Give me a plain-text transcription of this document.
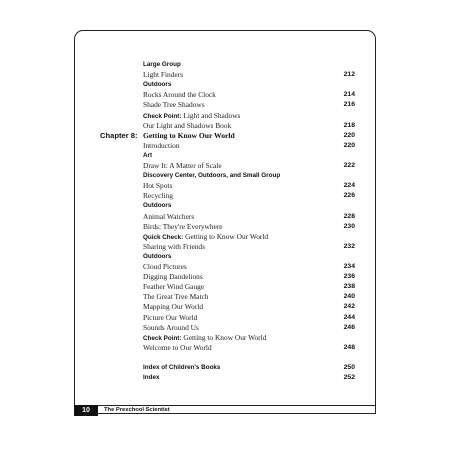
Large Group
Light Finders	212
Outdoors
Rocks Around the Clock	214
Shade Tree Shadows	216
Check Point: Light and Shadows
Our Light and Shadows Book	218
Chapter 8: Getting to Know Our World	220
Introduction	220
Art
Draw It: A Matter of Scale	222
Discovery Center, Outdoors, and Small Group
Hot Spots	224
Recycling	226
Outdoors
Animal Watchers	228
Birds: They're Everywhere	230
Quick Check: Getting to Know Our World
Sharing with Friends	232
Outdoors
Cloud Pictures	234
Digging Dandelions	236
Feather Wind Gauge	238
The Great Tree Match	240
Mapping Our World	242
Picture Our World	244
Sounds Around Us	246
Check Point: Getting to Know Our World
Welcome to Our World	248
Index of Children's Books	250
Index	252
10	The Preschool Scientist
